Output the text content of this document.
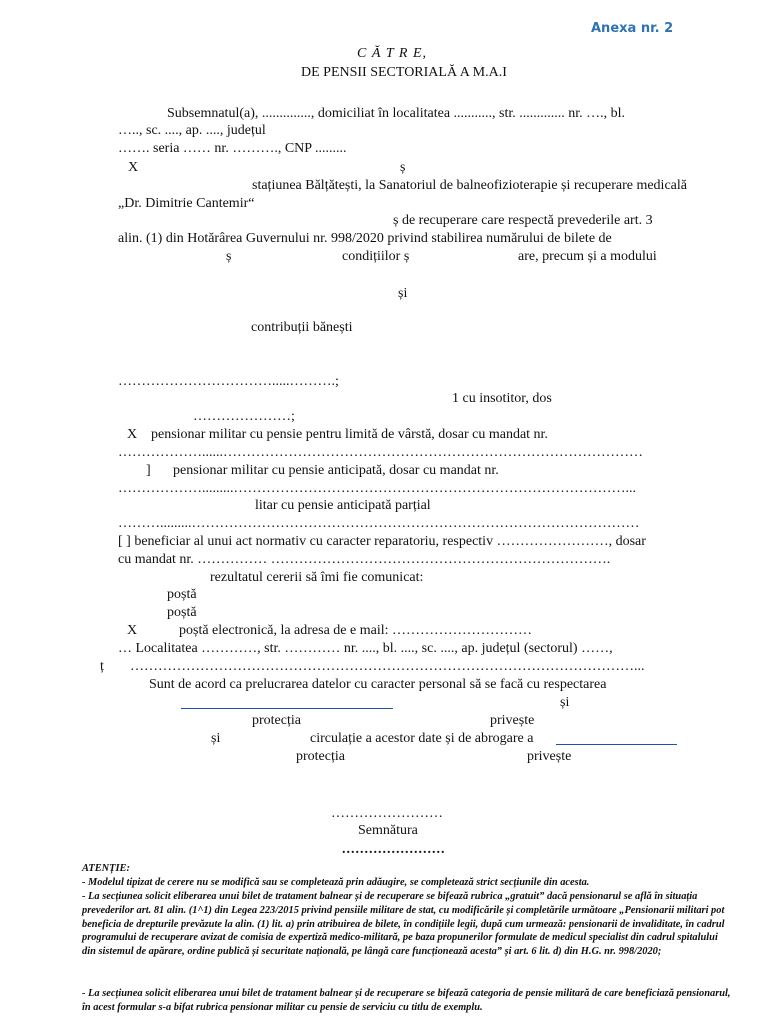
Anexa nr. 2
C Ă T R E,
DE PENSII SECTORIALĂ A M.A.I
Subsemnatul(a), .............., domiciliat în localitatea ..........., str. ............. nr. …., bl.
….., sc. ...., ap. ...., județul
……. seria …… nr. ………., CNP .........
X	ș
stațiunea Bălțătești, la Sanatoriul de balneofizioterapie și recuperare medicală
„Dr. Dimitrie Cantemir“
ș de recuperare care respectă prevederile art. 3
alin. (1) din Hotărârea Guvernului nr. 998/2020 privind stabilirea numărului de bilete de
ș	condițiilor ș	are, precum și a modului
și
contribuții bănești
…………………………….....……….;
1 cu insotitor, dos
…………………;
X pensionar militar cu pensie pentru limită de vârstă, dosar cu mandat nr.
………………......………………………………………………………………………………
] pensionar militar cu pensie anticipată, dosar cu mandat nr.
……………….........…………………………………………………………………………...
litar cu pensie anticipată parțial
……….........……………………………………………………………………………………
[ ] beneficiar al unui act normativ cu caracter reparatoriu, respectiv ……………………, dosar
cu mandat nr. …………… ……………………………………………………………….
rezultatul cererii să îmi fie comunicat:
poștă
poștă
X	poștă electronică, la adresa de e mail: …………………………
… Localitatea …………, str. ………… nr. ...., bl. ...., sc. ...., ap. județul (sectorul) ……,
ț ………………………………………………………………………………………………...
Sunt de acord ca prelucrarea datelor cu caracter personal să se facă cu respectarea
și
protecția	privește
și	circulație a acestor date și de abrogare a
protecția	privește
……………………
Semnătura
.......................
ATENȚIE:
- Modelul tipizat de cerere nu se modifică sau se completează prin adăugire, se completează strict secțiunile din acesta.
- La secțiunea solicit eliberarea unui bilet de tratament balnear și de recuperare se bifează rubrica „gratuit” dacă pensionarul se află în situația prevederilor art. 81 alin. (1^1) din Legea 223/2015 privind pensiile militare de stat, cu modificările și completările următoare „Pensionarii militari pot beneficia de drepturile prevăzute la alin. (1) lit. a) prin atribuirea de bilete, în condițiile legii, după cum urmează: pensionarii de invaliditate, în cadrul programului de recuperare avizat de comisia de expertiză medico-militară, pe baza propunerilor formulate de medicul specialist din cadrul spitalului din sistemul de apărare, ordine publică și securitate națională, pe lângă care funcționează acesta” și art. 6 lit. d) din H.G. nr. 998/2020;
- La secțiunea solicit eliberarea unui bilet de tratament balnear și de recuperare se bifează categoria de pensie militară de care beneficiază pensionarul, în acest formular s-a bifat rubrica pensionar militar cu pensie de serviciu cu titlu de exemplu.
